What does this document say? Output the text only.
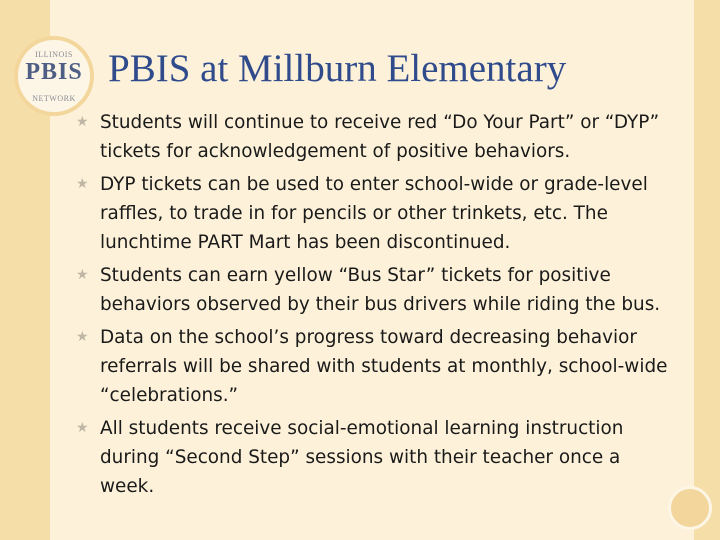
ILLINOIS
PBIS
NETWORK
PBIS at Millburn Elementary
★ Students will continue to receive red “Do Your Part” or “DYP” tickets for acknowledgement of positive behaviors.
★ DYP tickets can be used to enter school-wide or grade-level raffles, to trade in for pencils or other trinkets, etc. The lunchtime PART Mart has been discontinued.
★ Students can earn yellow “Bus Star” tickets for positive behaviors observed by their bus drivers while riding the bus.
★ Data on the school’s progress toward decreasing behavior referrals will be shared with students at monthly, school-wide “celebrations.”
★ All students receive social-emotional learning instruction during “Second Step” sessions with their teacher once a week.
